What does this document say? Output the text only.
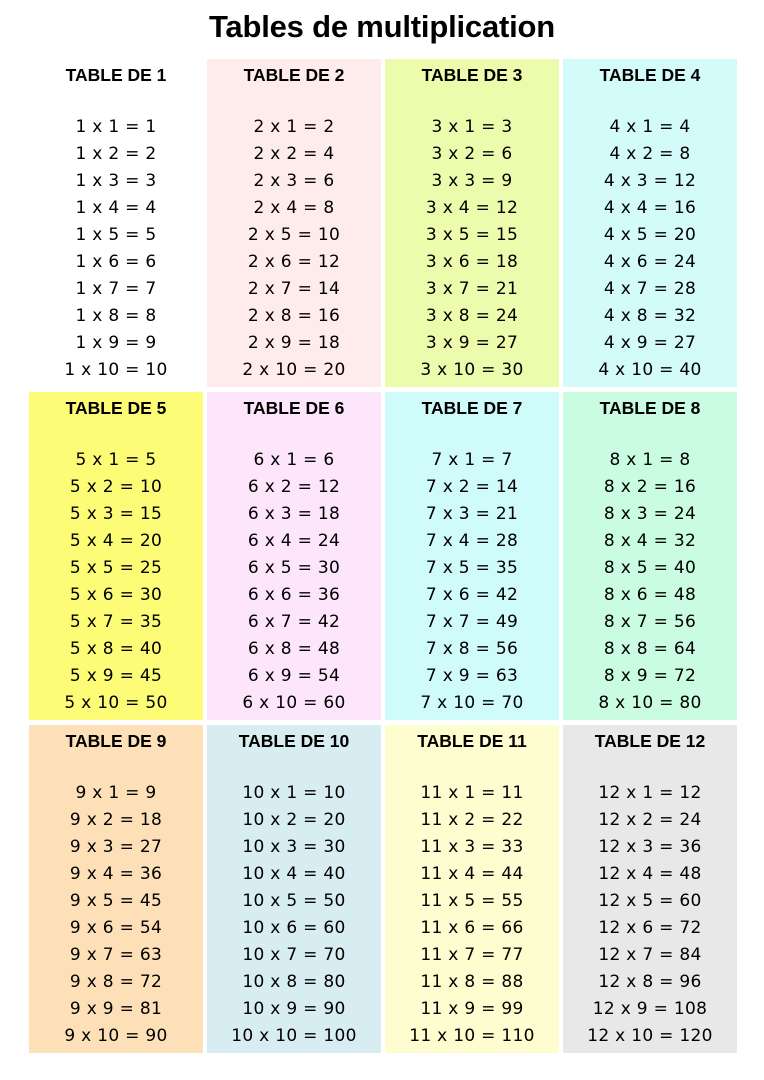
Tables de multiplication
TABLE DE 1
1 x 1 = 1
1 x 2 = 2
1 x 3 = 3
1 x 4 = 4
1 x 5 = 5
1 x 6 = 6
1 x 7 = 7
1 x 8 = 8
1 x 9 = 9
1 x 10 = 10
TABLE DE 2
2 x 1 = 2
2 x 2 = 4
2 x 3 = 6
2 x 4 = 8
2 x 5 = 10
2 x 6 = 12
2 x 7 = 14
2 x 8 = 16
2 x 9 = 18
2 x 10 = 20
TABLE DE 3
3 x 1 = 3
3 x 2 = 6
3 x 3 = 9
3 x 4 = 12
3 x 5 = 15
3 x 6 = 18
3 x 7 = 21
3 x 8 = 24
3 x 9 = 27
3 x 10 = 30
TABLE DE 4
4 x 1 = 4
4 x 2 = 8
4 x 3 = 12
4 x 4 = 16
4 x 5 = 20
4 x 6 = 24
4 x 7 = 28
4 x 8 = 32
4 x 9 = 27
4 x 10 = 40
TABLE DE 5
5 x 1 = 5
5 x 2 = 10
5 x 3 = 15
5 x 4 = 20
5 x 5 = 25
5 x 6 = 30
5 x 7 = 35
5 x 8 = 40
5 x 9 = 45
5 x 10 = 50
TABLE DE 6
6 x 1 = 6
6 x 2 = 12
6 x 3 = 18
6 x 4 = 24
6 x 5 = 30
6 x 6 = 36
6 x 7 = 42
6 x 8 = 48
6 x 9 = 54
6 x 10 = 60
TABLE DE 7
7 x 1 = 7
7 x 2 = 14
7 x 3 = 21
7 x 4 = 28
7 x 5 = 35
7 x 6 = 42
7 x 7 = 49
7 x 8 = 56
7 x 9 = 63
7 x 10 = 70
TABLE DE 8
8 x 1 = 8
8 x 2 = 16
8 x 3 = 24
8 x 4 = 32
8 x 5 = 40
8 x 6 = 48
8 x 7 = 56
8 x 8 = 64
8 x 9 = 72
8 x 10 = 80
TABLE DE 9
9 x 1 = 9
9 x 2 = 18
9 x 3 = 27
9 x 4 = 36
9 x 5 = 45
9 x 6 = 54
9 x 7 = 63
9 x 8 = 72
9 x 9 = 81
9 x 10 = 90
TABLE DE 10
10 x 1 = 10
10 x 2 = 20
10 x 3 = 30
10 x 4 = 40
10 x 5 = 50
10 x 6 = 60
10 x 7 = 70
10 x 8 = 80
10 x 9 = 90
10 x 10 = 100
TABLE DE 11
11 x 1 = 11
11 x 2 = 22
11 x 3 = 33
11 x 4 = 44
11 x 5 = 55
11 x 6 = 66
11 x 7 = 77
11 x 8 = 88
11 x 9 = 99
11 x 10 = 110
TABLE DE 12
12 x 1 = 12
12 x 2 = 24
12 x 3 = 36
12 x 4 = 48
12 x 5 = 60
12 x 6 = 72
12 x 7 = 84
12 x 8 = 96
12 x 9 = 108
12 x 10 = 120
